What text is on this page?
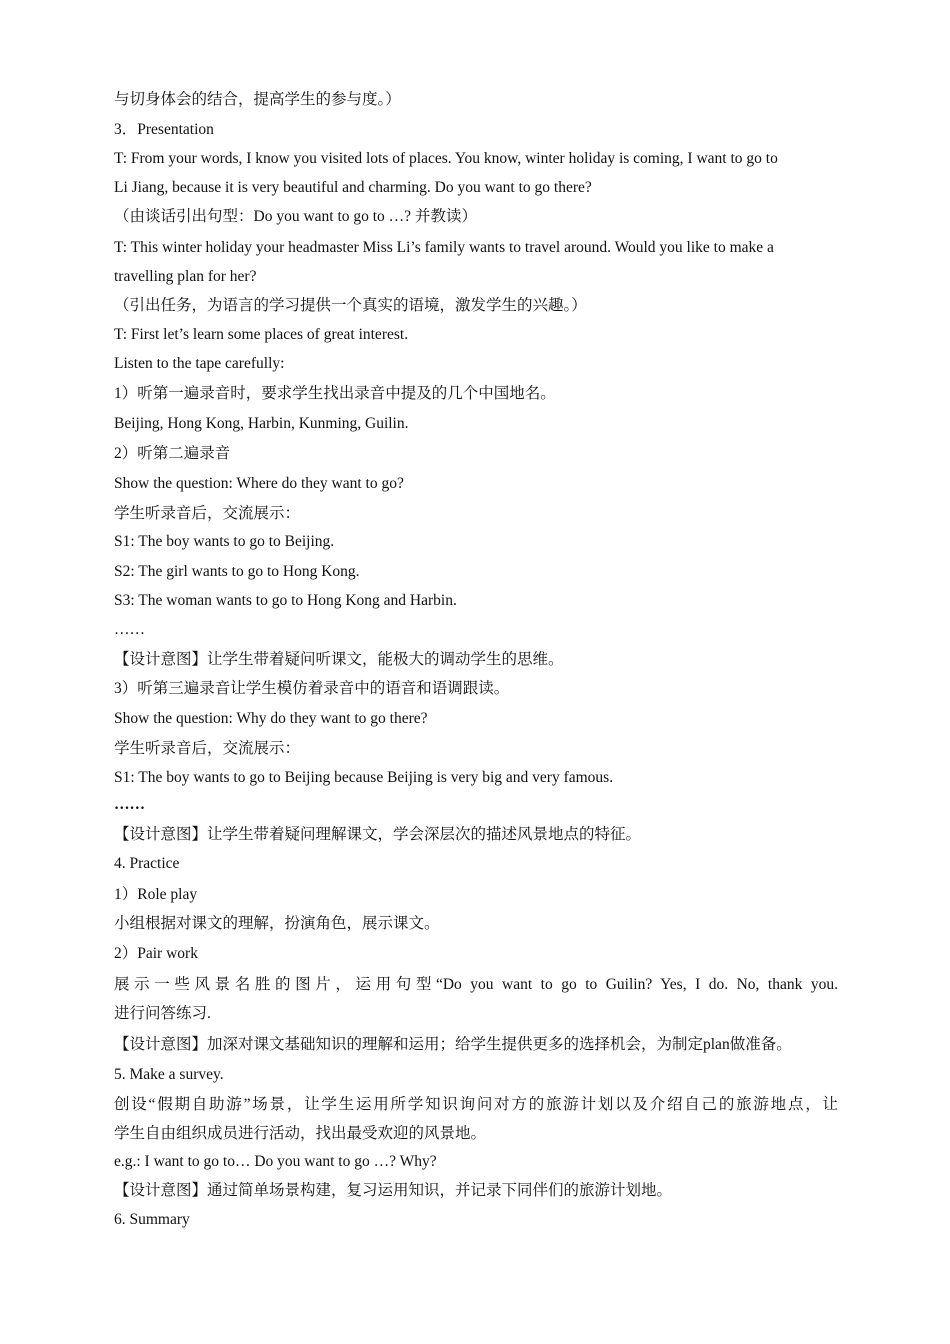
与切身体会的结合，提高学生的参与度。）
3．Presentation
T: From your words, I know you visited lots of places. You know, winter holiday is coming, I want to go to
Li Jiang, because it is very beautiful and charming. Do you want to go there?
（由谈话引出句型：Do you want to go to …? 并教读）
T: This winter holiday your headmaster Miss Li’s family wants to travel around. Would you like to make a
travelling plan for her?
（引出任务，为语言的学习提供一个真实的语境，激发学生的兴趣。）
T: First let’s learn some places of great interest.
Listen to the tape carefully:
1）听第一遍录音时，要求学生找出录音中提及的几个中国地名。
Beijing, Hong Kong, Harbin, Kunming, Guilin.
2）听第二遍录音
Show the question: Where do they want to go?
学生听录音后，交流展示：
S1: The boy wants to go to Beijing.
S2: The girl wants to go to Hong Kong.
S3: The woman wants to go to Hong Kong and Harbin.
……
【设计意图】让学生带着疑问听课文，能极大的调动学生的思维。
3）听第三遍录音让学生模仿着录音中的语音和语调跟读。
Show the question: Why do they want to go there?
学生听录音后，交流展示：
S1: The boy wants to go to Beijing because Beijing is very big and very famous.
……
【设计意图】让学生带着疑问理解课文，学会深层次的描述风景地点的特征。
4. Practice
1）Role play
小组根据对课文的理解，扮演角色，展示课文。
2）Pair work
展示一些风景名胜的图片，运用句型“Do you want to go to Guilin? Yes, I do. No, thank you.
进行问答练习.
【设计意图】加深对课文基础知识的理解和运用；给学生提供更多的选择机会，为制定plan做准备。
5. Make a survey.
创设“假期自助游”场景，让学生运用所学知识询问对方的旅游计划以及介绍自己的旅游地点，让
学生自由组织成员进行活动，找出最受欢迎的风景地。
e.g.: I want to go to… Do you want to go …? Why?
【设计意图】通过简单场景构建，复习运用知识，并记录下同伴们的旅游计划地。
6. Summary
